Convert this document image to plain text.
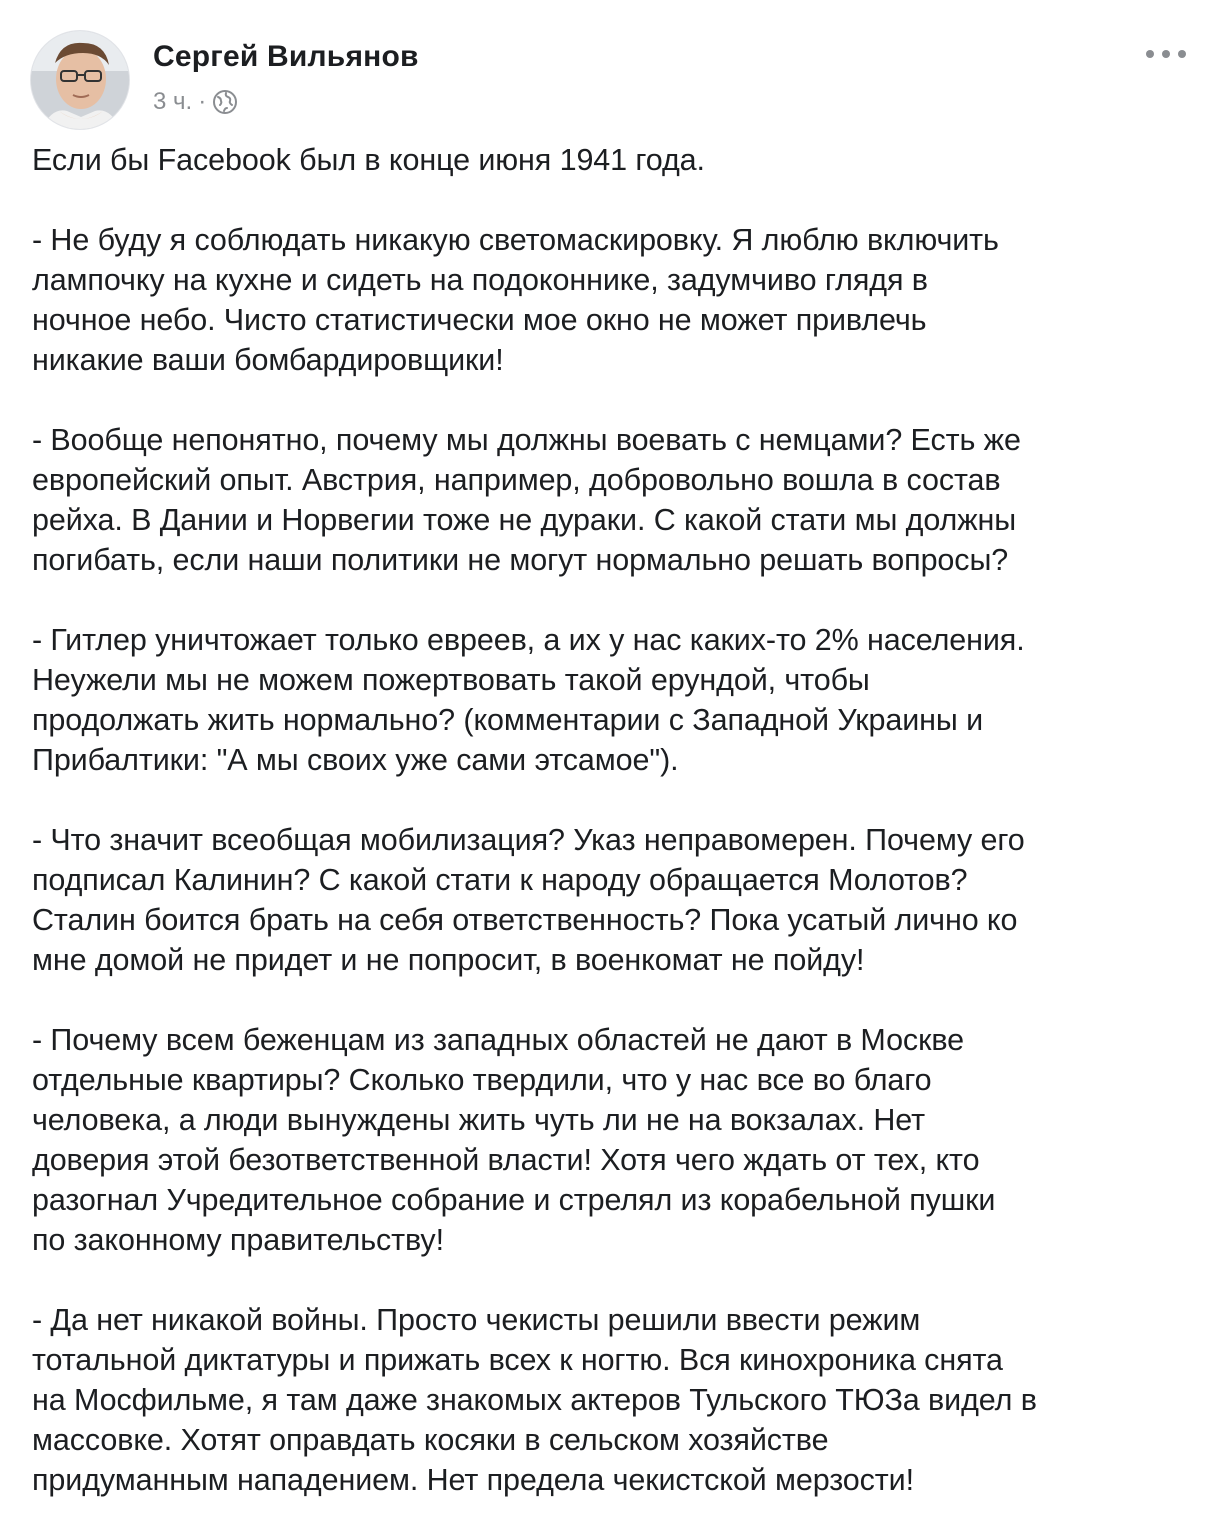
Сергей Вильянов
3 ч. ·

Если бы Facebook был в конце июня 1941 года.

- Не буду я соблюдать никакую светомаскировку. Я люблю включить
лампочку на кухне и сидеть на подоконнике, задумчиво глядя в
ночное небо. Чисто статистически мое окно не может привлечь
никакие ваши бомбардировщики!

- Вообще непонятно, почему мы должны воевать с немцами? Есть же
европейский опыт. Австрия, например, добровольно вошла в состав
рейха. В Дании и Норвегии тоже не дураки. С какой стати мы должны
погибать, если наши политики не могут нормально решать вопросы?

- Гитлер уничтожает только евреев, а их у нас каких-то 2% населения.
Неужели мы не можем пожертвовать такой ерундой, чтобы
продолжать жить нормально? (комментарии с Западной Украины и
Прибалтики: "А мы своих уже сами этсамое").

- Что значит всеобщая мобилизация? Указ неправомерен. Почему его
подписал Калинин? С какой стати к народу обращается Молотов?
Сталин боится брать на себя ответственность? Пока усатый лично ко
мне домой не придет и не попросит, в военкомат не пойду!

- Почему всем беженцам из западных областей не дают в Москве
отдельные квартиры? Сколько твердили, что у нас все во благо
человека, а люди вынуждены жить чуть ли не на вокзалах. Нет
доверия этой безответственной власти! Хотя чего ждать от тех, кто
разогнал Учредительное собрание и стрелял из корабельной пушки
по законному правительству!

- Да нет никакой войны. Просто чекисты решили ввести режим
тотальной диктатуры и прижать всех к ногтю. Вся кинохроника снята
на Мосфильме, я там даже знакомых актеров Тульского ТЮЗа видел в
массовке. Хотят оправдать косяки в сельском хозяйстве
придуманным нападением. Нет предела чекистской мерзости!
